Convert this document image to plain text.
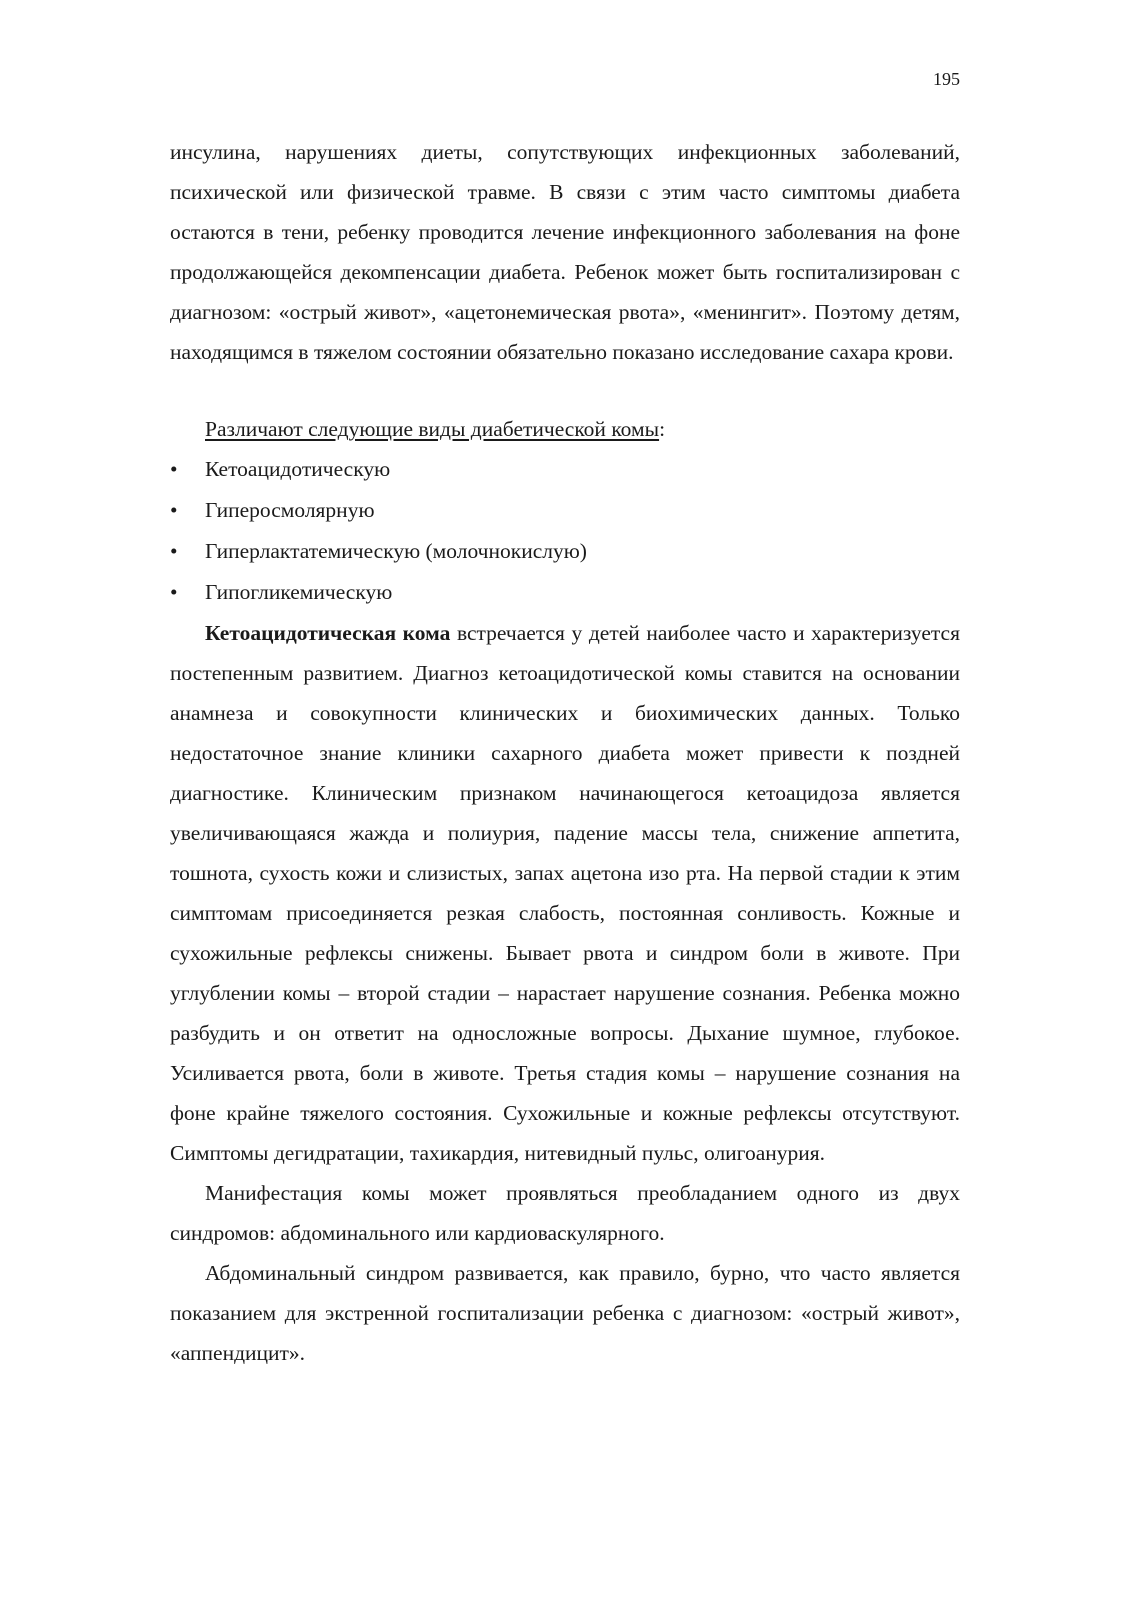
195

инсулина, нарушениях диеты, сопутствующих инфекционных заболеваний, психической или физической травме. В связи с этим часто симптомы диабета остаются в тени, ребенку проводится лечение инфекционного заболевания на фоне продолжающейся декомпенсации диабета. Ребенок может быть госпитализирован с диагнозом: «острый живот», «ацетонемическая рвота», «менингит». Поэтому детям, находящимся в тяжелом состоянии обязательно показано исследование сахара крови.

Различают следующие виды диабетической комы:

• Кетоацидотическую
• Гиперосмолярную
• Гиперлактатемическую (молочнокислую)
• Гипогликемическую

Кетоацидотическая кома встречается у детей наиболее часто и характеризуется постепенным развитием. Диагноз кетоацидотической комы ставится на основании анамнеза и совокупности клинических и биохимических данных. Только недостаточное знание клиники сахарного диабета может привести к поздней диагностике. Клиническим признаком начинающегося кетоацидоза является увеличивающаяся жажда и полиурия, падение массы тела, снижение аппетита, тошнота, сухость кожи и слизистых, запах ацетона изо рта. На первой стадии к этим симптомам присоединяется резкая слабость, постоянная сонливость. Кожные и сухожильные рефлексы снижены. Бывает рвота и синдром боли в животе. При углублении комы – второй стадии – нарастает нарушение сознания. Ребенка можно разбудить и он ответит на односложные вопросы. Дыхание шумное, глубокое. Усиливается рвота, боли в животе. Третья стадия комы – нарушение сознания на фоне крайне тяжелого состояния. Сухожильные и кожные рефлексы отсутствуют. Симптомы дегидратации, тахикардия, нитевидный пульс, олигоанурия.

Манифестация комы может проявляться преобладанием одного из двух синдромов: абдоминального или кардиоваскулярного.

Абдоминальный синдром развивается, как правило, бурно, что часто является показанием для экстренной госпитализации ребенка с диагнозом: «острый живот», «аппендицит».
